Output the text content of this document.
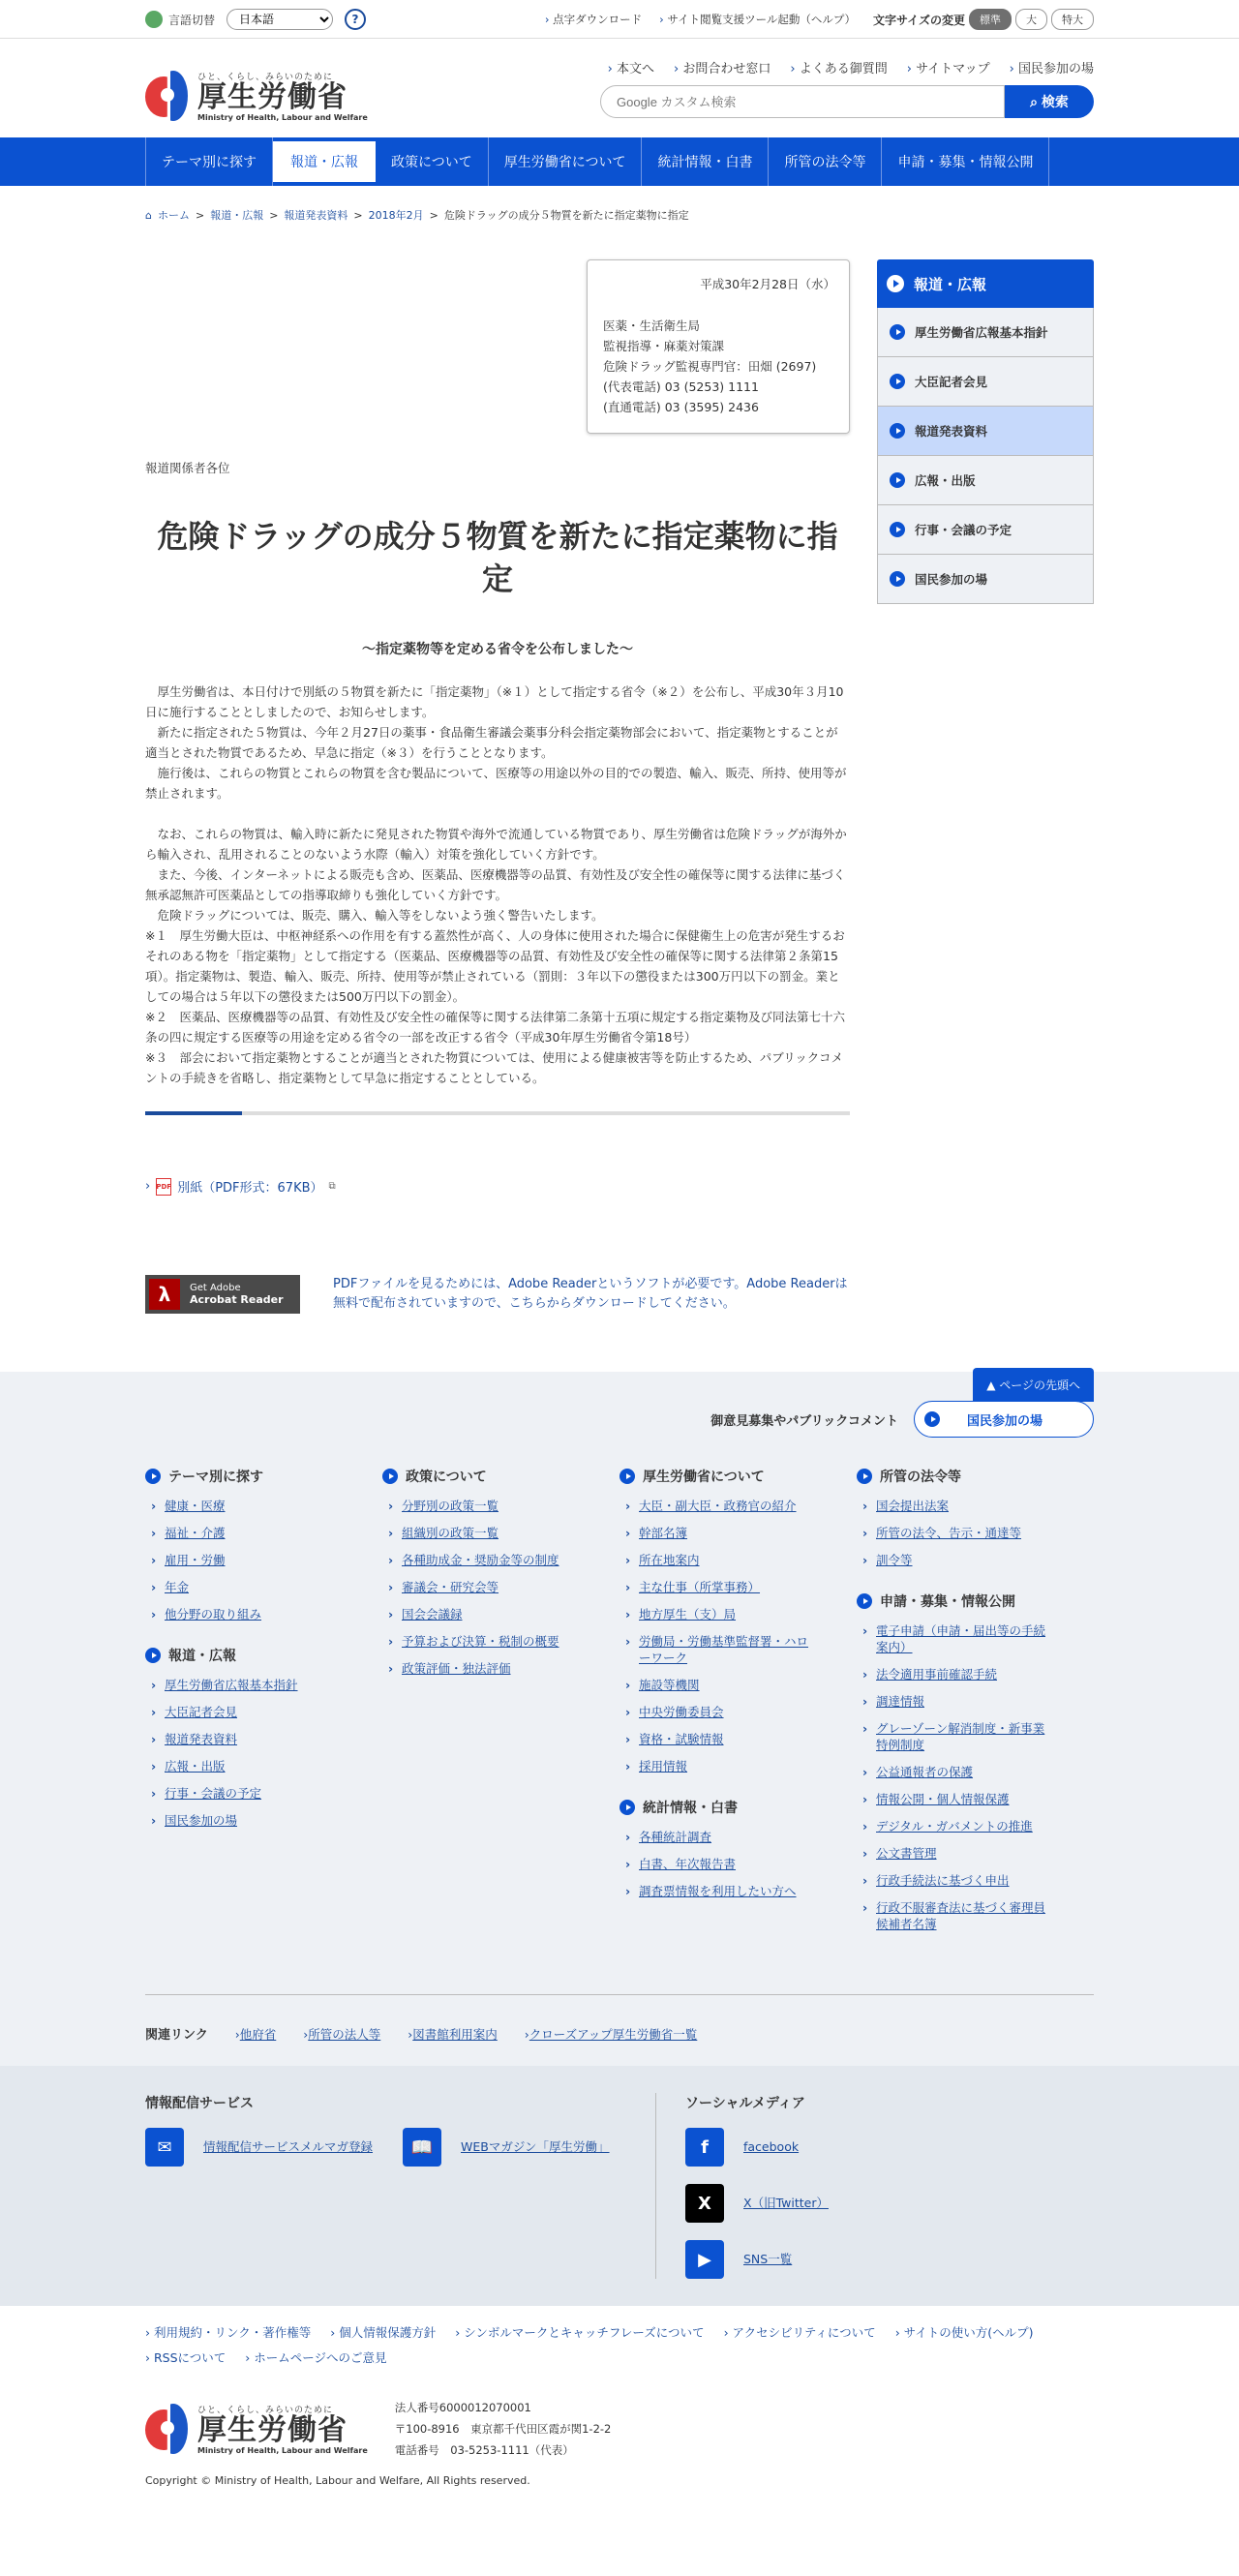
言語切替
日本語	?	› 点字ダウンロード	› サイト閲覧支援ツール起動（ヘルプ） 文字サイズの変更	標準	大	特大
ひと、くらし、みらいのために
厚生労働省
Ministry of Health, Labour and Welfare
› 本文へ	› お問合わせ窓口	› よくある御質問	› サイトマップ	› 国民参加の場
Google カスタム検索
⌕ 検索
テーマ別に探す	報道・広報	政策について	厚生労働省について	統計情報・白書	所管の法令等	申請・募集・情報公開
⌂ ホーム > 報道・広報 > 報道発表資料 > 2018年2月 > 危険ドラッグの成分５物質を新たに指定薬物に指定
平成30年2月28日（水）
医薬・生活衛生局
監視指導・麻薬対策課
危険ドラッグ監視専門官：田畑 (2697)
(代表電話) 03 (5253) 1111
(直通電話) 03 (3595) 2436
報道関係者各位
危険ドラッグの成分５物質を新たに指定薬物に指定
～指定薬物等を定める省令を公布しました～

　厚生労働省は、本日付けで別紙の５物質を新たに「指定薬物」（※１）として指定する省令（※２）を公布し、平成30年３月10日に施行することとしましたので、お知らせします。

　新たに指定された５物質は、今年２月27日の薬事・食品衛生審議会薬事分科会指定薬物部会において、指定薬物とすることが適当とされた物質であるため、早急に指定（※３）を行うこととなります。

　施行後は、これらの物質とこれらの物質を含む製品について、医療等の用途以外の目的での製造、輸入、販売、所持、使用等が禁止されます。

　なお、これらの物質は、輸入時に新たに発見された物質や海外で流通している物質であり、厚生労働省は危険ドラッグが海外から輸入され、乱用されることのないよう水際（輸入）対策を強化していく方針です。

　また、今後、インターネットによる販売も含め、医薬品、医療機器等の品質、有効性及び安全性の確保等に関する法律に基づく無承認無許可医薬品としての指導取締りも強化していく方針です。

　危険ドラッグについては、販売、購入、輸入等をしないよう強く警告いたします。

※１　厚生労働大臣は、中枢神経系への作用を有する蓋然性が高く、人の身体に使用された場合に保健衛生上の危害が発生するおそれのある物を「指定薬物」として指定する（医薬品、医療機器等の品質、有効性及び安全性の確保等に関する法律第２条第15項）。指定薬物は、製造、輸入、販売、所持、使用等が禁止されている（罰則：３年以下の懲役または300万円以下の罰金。業としての場合は５年以下の懲役または500万円以下の罰金）。

※２　医薬品、医療機器等の品質、有効性及び安全性の確保等に関する法律第二条第十五項に規定する指定薬物及び同法第七十六条の四に規定する医療等の用途を定める省令の一部を改正する省令（平成30年厚生労働省令第18号）

※３　部会において指定薬物とすることが適当とされた物質については、使用による健康被害等を防止するため、パブリックコメントの手続きを省略し、指定薬物として早急に指定することとしている。

› PDF 別紙（PDF形式：67KB） ⧉
λ	Get Adobe
Acrobat Reader
PDFファイルを見るためには、Adobe Readerというソフトが必要です。Adobe Readerは無料で配布されていますので、こちらからダウンロードしてください。
報道・広報
厚生労働省広報基本指針
大臣記者会見
報道発表資料
広報・出版
行事・会議の予定
国民参加の場
▲ ページの先頭へ
御意見募集やパブリックコメント	国民参加の場
テーマ別に探す
› 健康・医療
› 福祉・介護
› 雇用・労働
› 年金
› 他分野の取り組み
報道・広報
› 厚生労働省広報基本指針
› 大臣記者会見
› 報道発表資料
› 広報・出版
› 行事・会議の予定
› 国民参加の場
政策について
› 分野別の政策一覧
› 組織別の政策一覧
› 各種助成金・奨励金等の制度
› 審議会・研究会等
› 国会会議録
› 予算および決算・税制の概要
› 政策評価・独法評価
厚生労働省について
› 大臣・副大臣・政務官の紹介
› 幹部名簿
› 所在地案内
› 主な仕事（所掌事務）
› 地方厚生（支）局
› 労働局・労働基準監督署・ハローワーク
› 施設等機関
› 中央労働委員会
› 資格・試験情報
› 採用情報
統計情報・白書
› 各種統計調査
› 白書、年次報告書
› 調査票情報を利用したい方へ
所管の法令等
› 国会提出法案
› 所管の法令、告示・通達等
› 訓令等
申請・募集・情報公開
› 電子申請（申請・届出等の手続案内）
› 法令適用事前確認手続
› 調達情報
› グレーゾーン解消制度・新事業特例制度
› 公益通報者の保護
› 情報公開・個人情報保護
› デジタル・ガバメントの推進
› 公文書管理
› 行政手続法に基づく申出
› 行政不服審査法に基づく審理員候補者名簿
関連リンク	› 他府省	› 所管の法人等	› 図書館利用案内	› クローズアップ厚生労働省一覧
情報配信サービス
✉	情報配信サービスメルマガ登録	📖	WEBマガジン「厚生労働」
ソーシャルメディア
f	facebook
X	X（旧Twitter）
▶	SNS一覧
› 利用規約・リンク・著作権等	› 個人情報保護方針	› シンボルマークとキャッチフレーズについて	› アクセシビリティについて	› サイトの使い方(ヘルプ)
› RSSについて	› ホームページへのご意見
ひと、くらし、みらいのために
厚生労働省
Ministry of Health, Labour and Welfare
法人番号6000012070001
〒100-8916　東京都千代田区霞が関1-2-2
電話番号　03-5253-1111（代表）
Copyright © Ministry of Health, Labour and Welfare, All Rights reserved.
